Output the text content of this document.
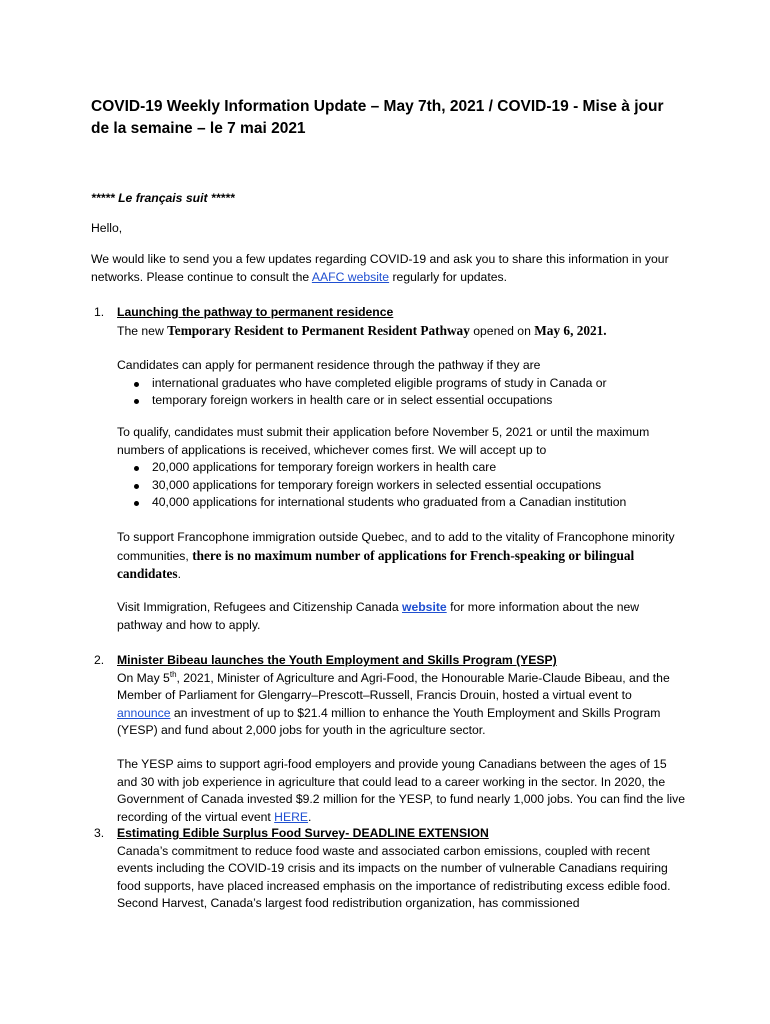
COVID-19 Weekly Information Update – May 7th, 2021 / COVID-19 - Mise à jour de la semaine – le 7 mai 2021

***** Le français suit *****

Hello,

We would like to send you a few updates regarding COVID-19 and ask you to share this information in your networks. Please continue to consult the AAFC website regularly for updates.

1. Launching the pathway to permanent residence
The new Temporary Resident to Permanent Resident Pathway opened on May 6, 2021.
Candidates can apply for permanent residence through the pathway if they are
international graduates who have completed eligible programs of study in Canada or
temporary foreign workers in health care or in select essential occupations
To qualify, candidates must submit their application before November 5, 2021 or until the maximum numbers of applications is received, whichever comes first. We will accept up to
20,000 applications for temporary foreign workers in health care
30,000 applications for temporary foreign workers in selected essential occupations
40,000 applications for international students who graduated from a Canadian institution
To support Francophone immigration outside Quebec, and to add to the vitality of Francophone minority communities, there is no maximum number of applications for French-speaking or bilingual candidates.
Visit Immigration, Refugees and Citizenship Canada website for more information about the new pathway and how to apply.
2. Minister Bibeau launches the Youth Employment and Skills Program (YESP)
On May 5th, 2021, Minister of Agriculture and Agri-Food, the Honourable Marie-Claude Bibeau, and the Member of Parliament for Glengarry–Prescott–Russell, Francis Drouin, hosted a virtual event to announce an investment of up to $21.4 million to enhance the Youth Employment and Skills Program (YESP) and fund about 2,000 jobs for youth in the agriculture sector.
The YESP aims to support agri-food employers and provide young Canadians between the ages of 15 and 30 with job experience in agriculture that could lead to a career working in the sector. In 2020, the Government of Canada invested $9.2 million for the YESP, to fund nearly 1,000 jobs. You can find the live recording of the virtual event HERE.
3. Estimating Edible Surplus Food Survey- DEADLINE EXTENSION
Canada’s commitment to reduce food waste and associated carbon emissions, coupled with recent events including the COVID-19 crisis and its impacts on the number of vulnerable Canadians requiring food supports, have placed increased emphasis on the importance of redistributing excess edible food. Second Harvest, Canada’s largest food redistribution organization, has commissioned
